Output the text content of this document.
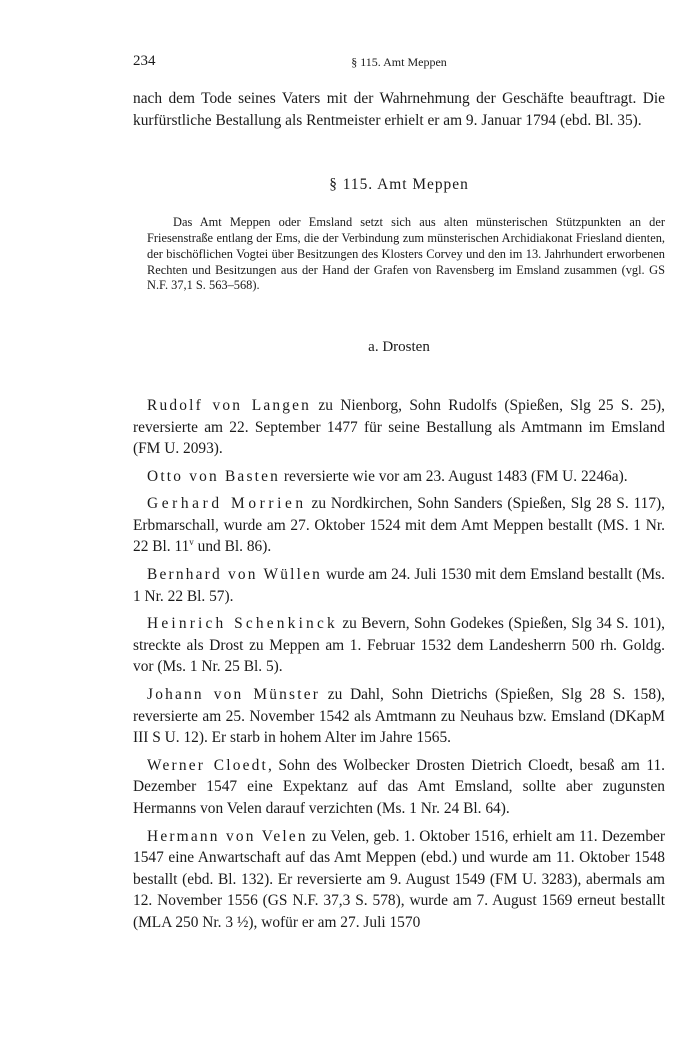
234	§ 115. Amt Meppen

nach dem Tode seines Vaters mit der Wahrnehmung der Geschäfte beauftragt. Die kurfürstliche Bestallung als Rentmeister erhielt er am 9. Januar 1794 (ebd. Bl. 35).

§ 115. Amt Meppen

Das Amt Meppen oder Emsland setzt sich aus alten münsterischen Stützpunkten an der Friesenstraße entlang der Ems, die der Verbindung zum münsterischen Archidiakonat Friesland dienten, der bischöflichen Vogtei über Besitzungen des Klosters Corvey und den im 13. Jahrhundert erworbenen Rechten und Besitzungen aus der Hand der Grafen von Ravensberg im Emsland zusammen (vgl. GS N.F. 37,1 S. 563–568).

a. Drosten

Rudolf von Langen zu Nienborg, Sohn Rudolfs (Spießen, Slg 25 S. 25), reversierte am 22. September 1477 für seine Bestallung als Amtmann im Emsland (FM U. 2093).

Otto von Basten reversierte wie vor am 23. August 1483 (FM U. 2246a).

Gerhard Morrien zu Nordkirchen, Sohn Sanders (Spießen, Slg 28 S. 117), Erbmarschall, wurde am 27. Oktober 1524 mit dem Amt Meppen bestallt (MS. 1 Nr. 22 Bl. 11$^v$ und Bl. 86).

Bernhard von Wüllen wurde am 24. Juli 1530 mit dem Emsland bestallt (Ms. 1 Nr. 22 Bl. 57).

Heinrich Schenkinck zu Bevern, Sohn Godekes (Spießen, Slg 34 S. 101), streckte als Drost zu Meppen am 1. Februar 1532 dem Landesherrn 500 rh. Goldg. vor (Ms. 1 Nr. 25 Bl. 5).

Johann von Münster zu Dahl, Sohn Dietrichs (Spießen, Slg 28 S. 158), reversierte am 25. November 1542 als Amtmann zu Neuhaus bzw. Emsland (DKapM III S U. 12). Er starb in hohem Alter im Jahre 1565.

Werner Cloedt, Sohn des Wolbecker Drosten Dietrich Cloedt, besaß am 11. Dezember 1547 eine Expektanz auf das Amt Emsland, sollte aber zugunsten Hermanns von Velen darauf verzichten (Ms. 1 Nr. 24 Bl. 64).

Hermann von Velen zu Velen, geb. 1. Oktober 1516, erhielt am 11. Dezember 1547 eine Anwartschaft auf das Amt Meppen (ebd.) und wurde am 11. Oktober 1548 bestallt (ebd. Bl. 132). Er reversierte am 9. August 1549 (FM U. 3283), abermals am 12. November 1556 (GS N.F. 37,3 S. 578), wurde am 7. August 1569 erneut bestallt (MLA 250 Nr. 3 ½), wofür er am 27. Juli 1570
